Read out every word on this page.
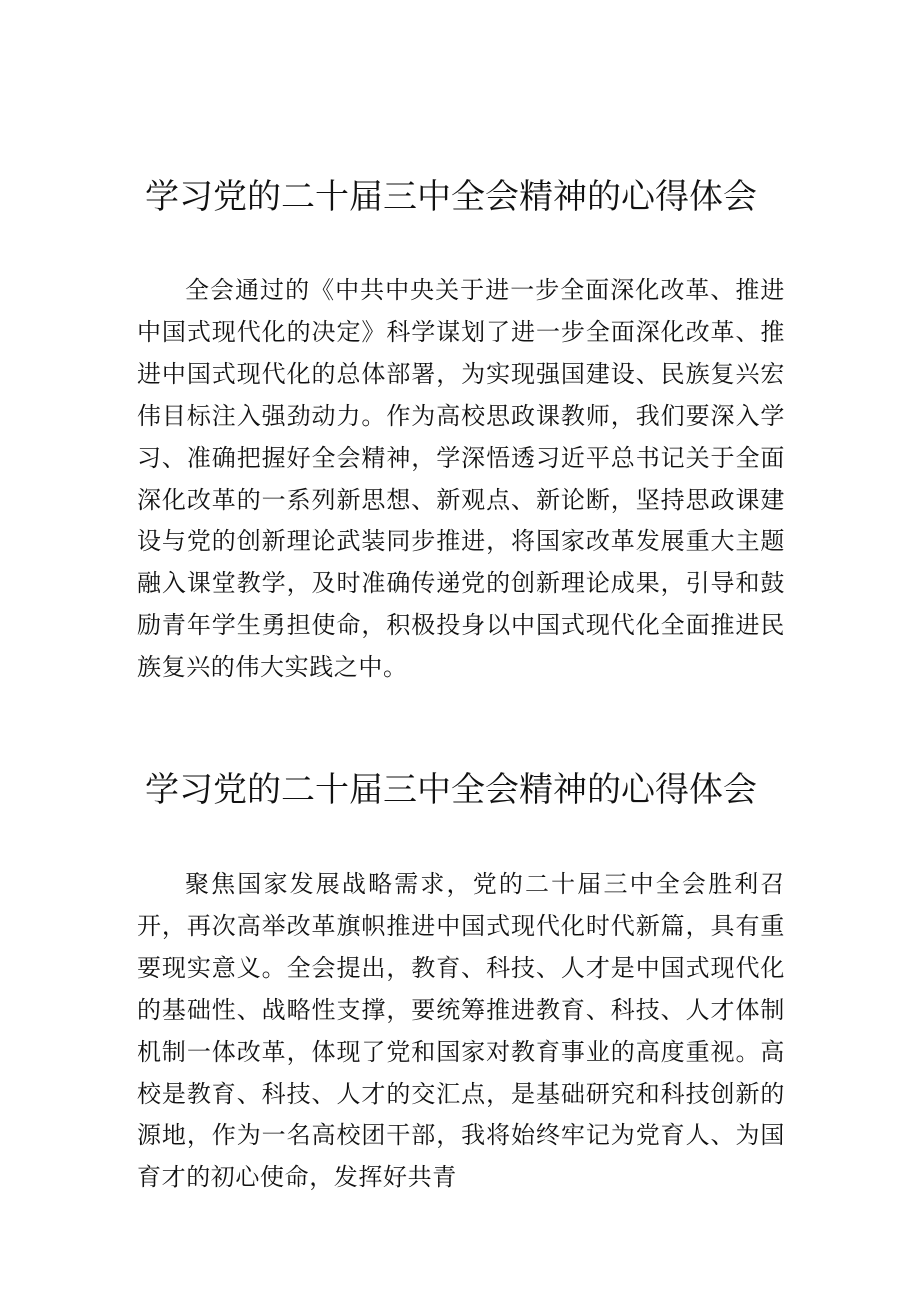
学习党的二十届三中全会精神的心得体会

全会通过的《中共中央关于进一步全面深化改革、推进中国式现代化的决定》科学谋划了进一步全面深化改革、推进中国式现代化的总体部署，为实现强国建设、民族复兴宏伟目标注入强劲动力。作为高校思政课教师，我们要深入学习、准确把握好全会精神，学深悟透习近平总书记关于全面深化改革的一系列新思想、新观点、新论断，坚持思政课建设与党的创新理论武装同步推进，将国家改革发展重大主题融入课堂教学，及时准确传递党的创新理论成果，引导和鼓励青年学生勇担使命，积极投身以中国式现代化全面推进民族复兴的伟大实践之中。

学习党的二十届三中全会精神的心得体会

聚焦国家发展战略需求，党的二十届三中全会胜利召开，再次高举改革旗帜推进中国式现代化时代新篇，具有重要现实意义。全会提出，教育、科技、人才是中国式现代化的基础性、战略性支撑，要统筹推进教育、科技、人才体制机制一体改革，体现了党和国家对教育事业的高度重视。高校是教育、科技、人才的交汇点，是基础研究和科技创新的源地，作为一名高校团干部，我将始终牢记为党育人、为国育才的初心使命，发挥好共青
